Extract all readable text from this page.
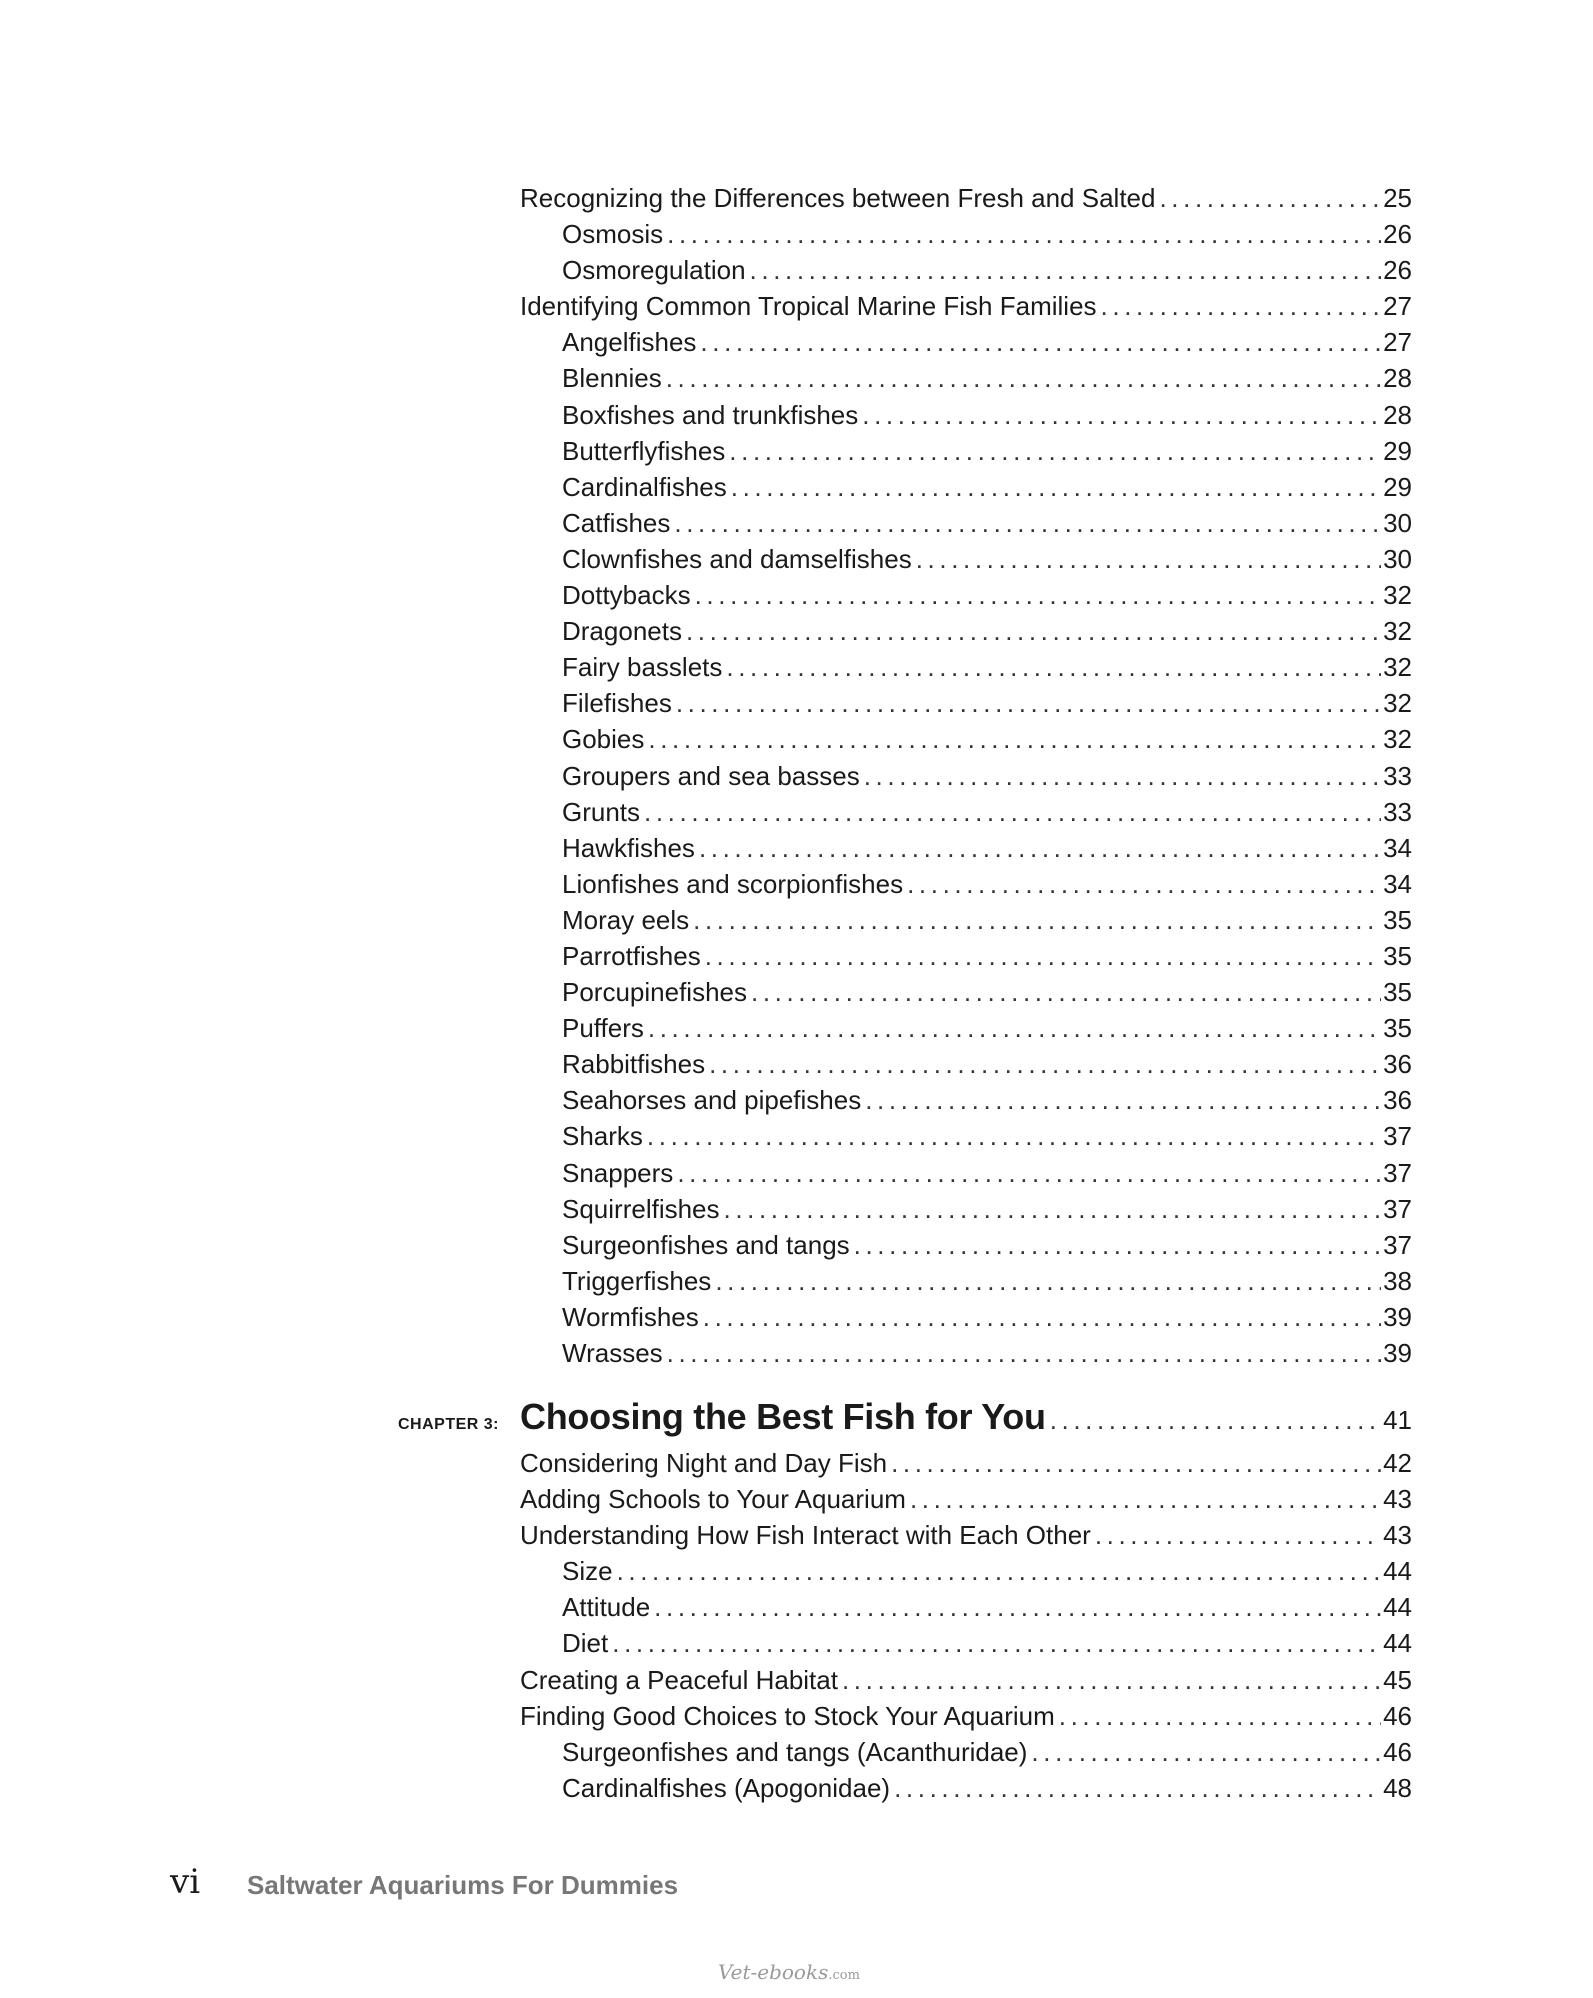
Recognizing the Differences between Fresh and Salted .....	25
Osmosis .....	26
Osmoregulation .....	26
Identifying Common Tropical Marine Fish Families .....	27
Angelfishes .....	27
Blennies .....	28
Boxfishes and trunkfishes .....	28
Butterflyfishes .....	29
Cardinalfishes .....	29
Catfishes .....	30
Clownfishes and damselfishes .....	30
Dottybacks .....	32
Dragonets .....	32
Fairy basslets .....	32
Filefishes .....	32
Gobies .....	32
Groupers and sea basses .....	33
Grunts .....	33
Hawkfishes .....	34
Lionfishes and scorpionfishes .....	34
Moray eels .....	35
Parrotfishes .....	35
Porcupinefishes .....	35
Puffers .....	35
Rabbitfishes .....	36
Seahorses and pipefishes .....	36
Sharks .....	37
Snappers .....	37
Squirrelfishes .....	37
Surgeonfishes and tangs .....	37
Triggerfishes .....	38
Wormfishes .....	39
Wrasses .....	39
CHAPTER 3: Choosing the Best Fish for You .....	41
Considering Night and Day Fish .....	42
Adding Schools to Your Aquarium .....	43
Understanding How Fish Interact with Each Other .....	43
Size .....	44
Attitude .....	44
Diet .....	44
Creating a Peaceful Habitat .....	45
Finding Good Choices to Stock Your Aquarium .....	46
Surgeonfishes and tangs (Acanthuridae) .....	46
Cardinalfishes (Apogonidae) .....	48
vi Saltwater Aquariums For Dummies
Vet-ebooks.com
